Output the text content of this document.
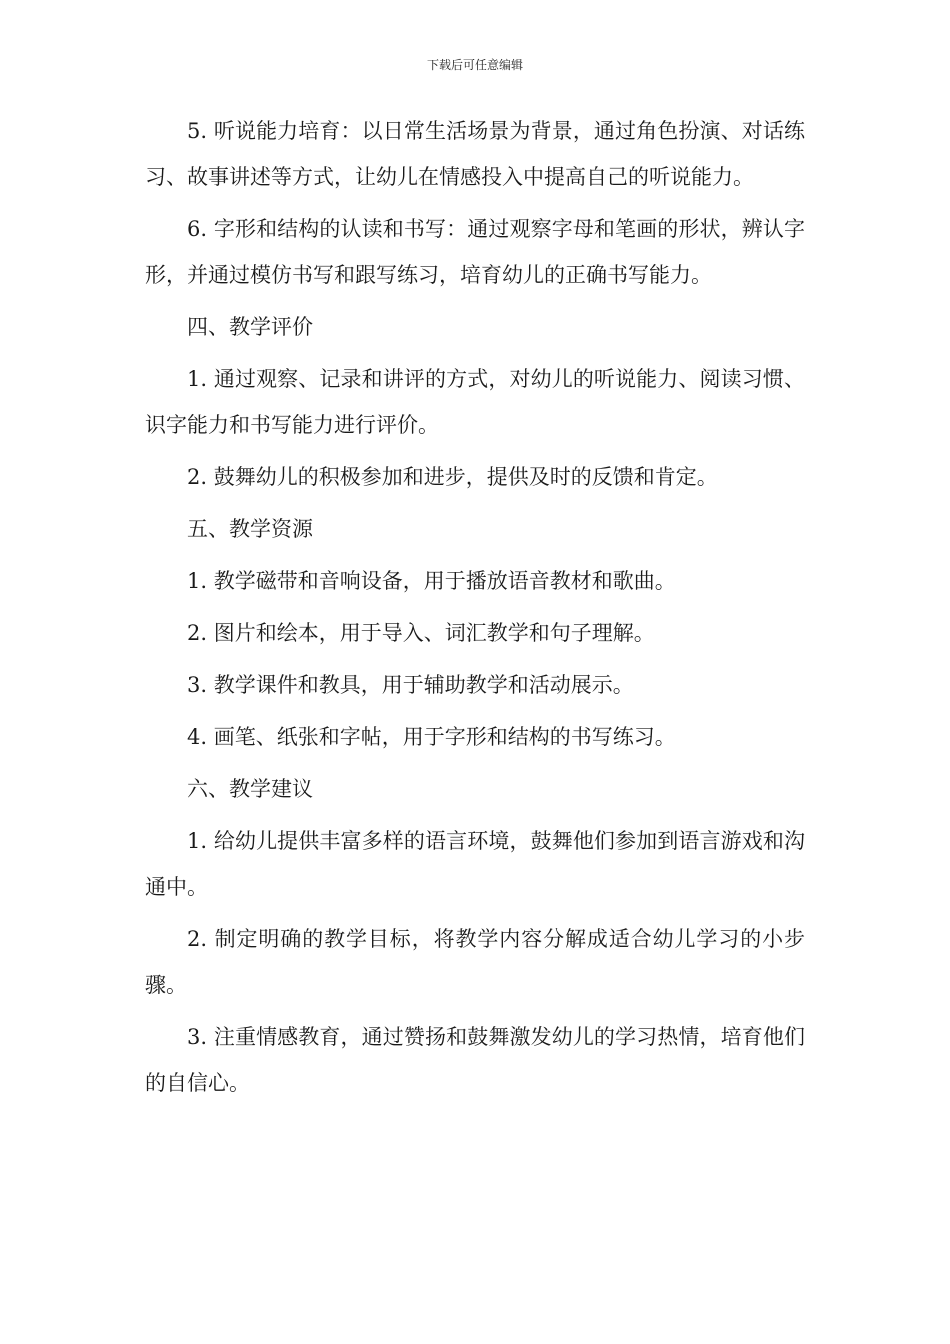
下载后可任意编辑

5. 听说能力培育：以日常生活场景为背景，通过角色扮演、对话练习、故事讲述等方式，让幼儿在情感投入中提高自己的听说能力。

6. 字形和结构的认读和书写：通过观察字母和笔画的形状，辨认字形，并通过模仿书写和跟写练习，培育幼儿的正确书写能力。

四、教学评价

1. 通过观察、记录和讲评的方式，对幼儿的听说能力、阅读习惯、识字能力和书写能力进行评价。

2. 鼓舞幼儿的积极参加和进步，提供及时的反馈和肯定。

五、教学资源

1. 教学磁带和音响设备，用于播放语音教材和歌曲。

2. 图片和绘本，用于导入、词汇教学和句子理解。

3. 教学课件和教具，用于辅助教学和活动展示。

4. 画笔、纸张和字帖，用于字形和结构的书写练习。

六、教学建议

1. 给幼儿提供丰富多样的语言环境，鼓舞他们参加到语言游戏和沟通中。

2. 制定明确的教学目标，将教学内容分解成适合幼儿学习的小步骤。

3. 注重情感教育，通过赞扬和鼓舞激发幼儿的学习热情，培育他们的自信心。
